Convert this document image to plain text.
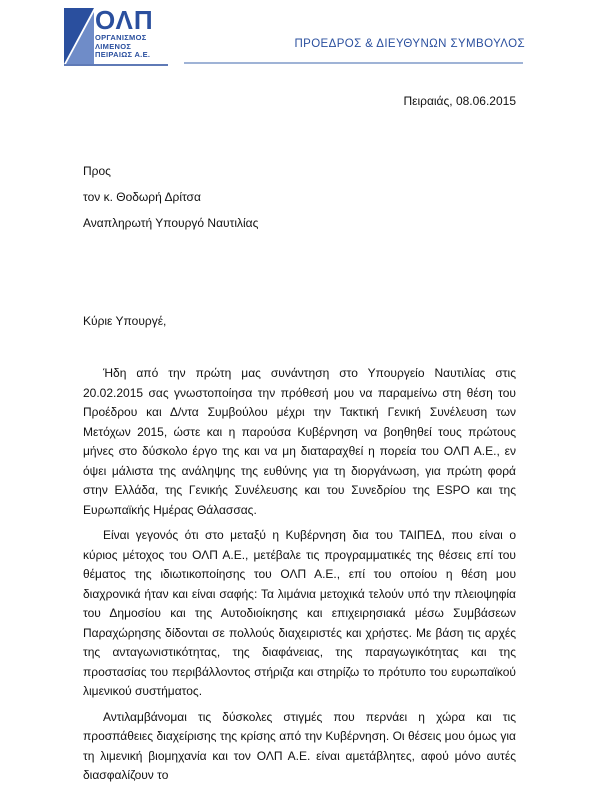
ΟΛΠ
ΟΡΓΑΝΙΣΜΟΣ
ΛΙΜΕΝΟΣ
ΠΕΙΡΑΙΩΣ Α.Ε.
ΠΡΟΕΔΡΟΣ & ΔΙΕΥΘΥΝΩΝ ΣΥΜΒΟΥΛΟΣ
Πειραιάς, 08.06.2015
Προς
τον κ. Θοδωρή Δρίτσα
Αναπληρωτή Υπουργό Ναυτιλίας
Κύριε Υπουργέ,

Ήδη από την πρώτη μας συνάντηση στο Υπουργείο Ναυτιλίας στις 20.02.2015 σας γνωστοποίησα την πρόθεσή μου να παραμείνω στη θέση του Προέδρου και Δ/ντα Συμβούλου μέχρι την Τακτική Γενική Συνέλευση των Μετόχων 2015, ώστε και η παρούσα Κυβέρνηση να βοηθηθεί τους πρώτους μήνες στο δύσκολο έργο της και να μη διαταραχθεί η πορεία του ΟΛΠ Α.Ε., εν όψει μάλιστα της ανάληψης της ευθύνης για τη διοργάνωση, για πρώτη φορά στην Ελλάδα, της Γενικής Συνέλευσης και του Συνεδρίου της ESPO και της Ευρωπαϊκής Ημέρας Θάλασσας.

Είναι γεγονός ότι στο μεταξύ η Κυβέρνηση δια του ΤΑΙΠΕΔ, που είναι ο κύριος μέτοχος του ΟΛΠ Α.Ε., μετέβαλε τις προγραμματικές της θέσεις επί του θέματος της ιδιωτικοποίησης του ΟΛΠ Α.Ε., επί του οποίου η θέση μου διαχρονικά ήταν και είναι σαφής: Τα λιμάνια μετοχικά τελούν υπό την πλειοψηφία του Δημοσίου και της Αυτοδιοίκησης και επιχειρησιακά μέσω Συμβάσεων Παραχώρησης δίδονται σε πολλούς διαχειριστές και χρήστες. Με βάση τις αρχές της ανταγωνιστικότητας, της διαφάνειας, της παραγωγικότητας και της προστασίας του περιβάλλοντος στήριζα και στηρίζω το πρότυπο του ευρωπαϊκού λιμενικού συστήματος.

Αντιλαμβάνομαι τις δύσκολες στιγμές που περνάει η χώρα και τις προσπάθειες διαχείρισης της κρίσης από την Κυβέρνηση. Οι θέσεις μου όμως για τη λιμενική βιομηχανία και τον ΟΛΠ Α.Ε. είναι αμετάβλητες, αφού μόνο αυτές διασφαλίζουν το
